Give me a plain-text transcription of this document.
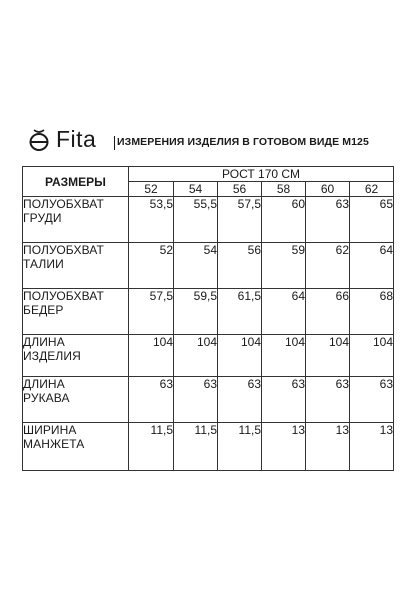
Fita ИЗМЕРЕНИЯ ИЗДЕЛИЯ В ГОТОВОМ ВИДЕ М125
РАЗМЕРЫ	РОСТ 170 СМ					
	52	54	56	58	60	62

ПОЛУОБХВАТ
ГРУДИ	53,5	55,5	57,5	60	63	65

ПОЛУОБХВАТ
ТАЛИИ	52	54	56	59	62	64

ПОЛУОБХВАТ
БЕДЕР	57,5	59,5	61,5	64	66	68

ДЛИНА
ИЗДЕЛИЯ	104	104	104	104	104	104

ДЛИНА
РУКАВА	63	63	63	63	63	63

ШИРИНА
МАНЖЕТА	11,5	11,5	11,5	13	13	13
